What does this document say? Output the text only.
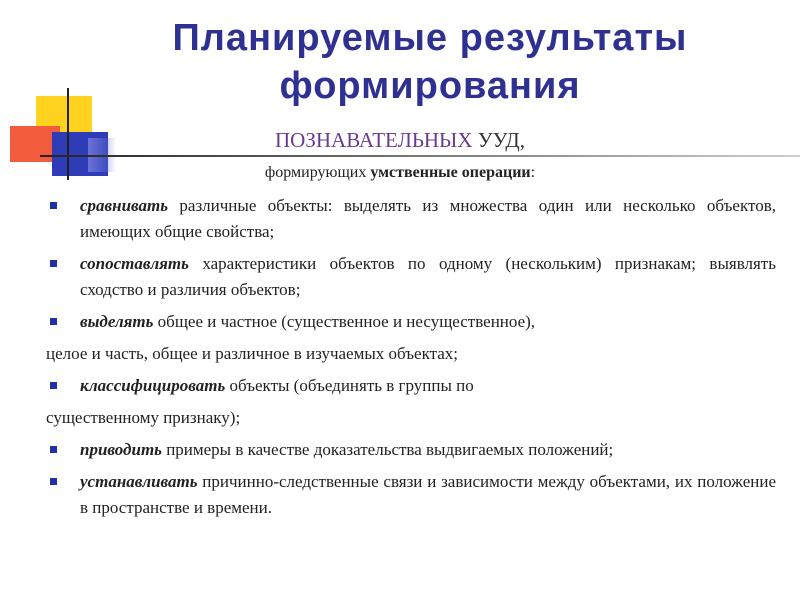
Планируемые результаты
формирования
ПОЗНАВАТЕЛЬНЫХ УУД,
формирующих умственные операции:
сравнивать различные объекты: выделять из множества один или несколько объектов, имеющих общие свойства;
сопоставлять характеристики объектов по одному (нескольким) признакам; выявлять сходство и различия объектов;
выделять общее и частное (существенное и несущественное),
целое и часть, общее и различное в изучаемых объектах;
классифицировать объекты (объединять в группы по
существенному признаку);
приводить примеры в качестве доказательства выдвигаемых положений;
устанавливать причинно-следственные связи и зависимости между объектами, их положение в пространстве и времени.
